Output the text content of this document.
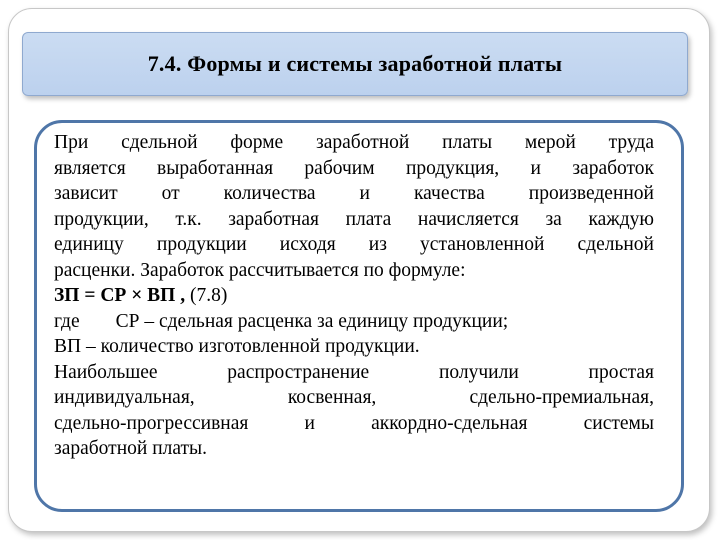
7.4. Формы и системы заработной платы
При сдельной форме заработной платы мерой труда
является выработанная рабочим продукция, и заработок
зависит от количества и качества произведенной
продукции, т.к. заработная плата начисляется за каждую
единицу продукции исходя из установленной сдельной
расценки. Заработок рассчитывается по формуле:
ЗП = СР × ВП , (7.8)
где СР – сдельная расценка за единицу продукции;
ВП – количество изготовленной продукции.
Наибольшее распространение получили простая
индивидуальная, косвенная, сдельно-премиальная,
сдельно-прогрессивная и аккордно-сдельная системы
заработной платы.
